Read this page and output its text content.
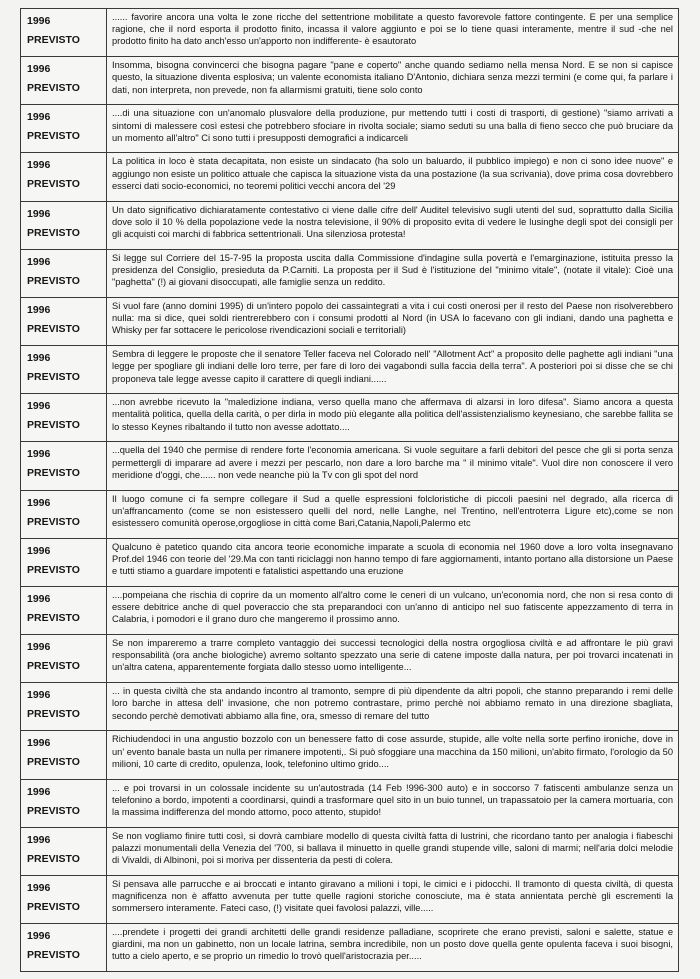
1996
PREVISTO
...... favorire ancora una volta le zone ricche del settentrione mobilitate a questo favorevole fattore contingente. E per una semplice ragione, che il nord esporta il prodotto finito, incassa il valore aggiunto e poi se lo tiene quasi interamente, mentre il sud -che nel prodotto finito ha dato anch'esso un'apporto non indifferente- è esautorato
1996
PREVISTO
Insomma, bisogna convincerci che bisogna pagare "pane e coperto" anche quando sediamo nella mensa Nord. E se non si capisce questo, la situazione diventa esplosiva; un valente economista italiano D'Antonio, dichiara senza mezzi termini (e come qui, fa parlare i dati, non interpreta, non prevede, non fa allarmismi gratuiti, tiene solo conto
1996
PREVISTO
....di una situazione con un'anomalo plusvalore della produzione, pur mettendo tutti i costi di trasporti, di gestione) "siamo arrivati a sintomi di malessere così estesi che potrebbero sfociare in rivolta sociale; siamo seduti su una balla di fieno secco che può bruciare da un momento all'altro" Ci sono tutti i presupposti demografici a indicarceli
1996
PREVISTO
La politica in loco è stata decapitata, non esiste un sindacato (ha solo un baluardo, il pubblico impiego) e non ci sono idee nuove" e aggiungo non esiste un politico attuale che capisca la situazione vista da una postazione (la sua scrivania), dove prima cosa dovrebbero esserci dati socio-economici, no teoremi politici vecchi ancora del '29
1996
PREVISTO
Un dato significativo dichiaratamente contestativo ci viene dalle cifre dell' Auditel televisivo sugli utenti del sud, soprattutto dalla Sicilia dove solo il 10 % della popolazione vede la nostra televisione, il 90% di proposito evita di vedere le lusinghe degli spot dei consigli per gli acquisti coi marchi di fabbrica settentrionali. Una silenziosa protesta!
1996
PREVISTO
Si legge sul Corriere del 15-7-95 la proposta uscita dalla Commissione d'indagine sulla povertà e l'emarginazione, istituita presso la presidenza del Consiglio, presieduta da P.Carniti. La proposta per il Sud è l'istituzione del "minimo vitale", (notate il vitale): Cioè una "paghetta" (!) ai giovani disoccupati, alle famiglie senza un reddito.
1996
PREVISTO
Si vuol fare (anno domini 1995) di un'intero popolo dei cassaintegrati a vita i cui costi onerosi per il resto del Paese non risolverebbero nulla: ma si dice, quei soldi rientrerebbero con i consumi prodotti al Nord (in USA lo facevano con gli indiani, dando una paghetta e Whisky per far sottacere le pericolose rivendicazioni sociali e territoriali)
1996
PREVISTO
Sembra di leggere le proposte che il senatore Teller faceva nel Colorado nell' "Allotment Act" a proposito delle paghette agli indiani "una legge per spogliare gli indiani delle loro terre, per fare di loro dei vagabondi sulla faccia della terra". A posteriori poi si disse che se chi proponeva tale legge avesse capito il carattere di quegli indiani......
1996
PREVISTO
...non avrebbe ricevuto la "maledizione indiana, verso quella mano che affermava di alzarsi in loro difesa". Siamo ancora a questa mentalità politica, quella della carità, o per dirla in modo più elegante alla politica dell'assistenzialismo keynesiano, che sarebbe fallita se lo stesso Keynes ribaltando il tutto non avesse adottato....
1996
PREVISTO
...quella del 1940 che permise di rendere forte l'economia americana. Si vuole seguitare a farli debitori del pesce che gli si porta senza permettergli di imparare ad avere i mezzi per pescarlo, non dare a loro barche ma " il minimo vitale". Vuol dire non conoscere il vero meridione d'oggi, che...... non vede neanche più la Tv con gli spot del nord
1996
PREVISTO
Il luogo comune ci fa sempre collegare il Sud a quelle espressioni folcloristiche di piccoli paesini nel degrado, alla ricerca di un'affrancamento (come se non esistessero quelli del nord, nelle Langhe, nel Trentino, nell'entroterra Ligure etc),come se non esistessero comunità operose,orgogliose in città come Bari,Catania,Napoli,Palermo etc
1996
PREVISTO
Qualcuno è patetico quando cita ancora teorie economiche imparate a scuola di economia nel 1960 dove a loro volta insegnavano Prof.del 1946 con teorie del '29.Ma con tanti riciclaggi non hanno tempo di fare aggiornamenti, intanto portano alla distorsione un Paese e tutti stiamo a guardare impotenti e fatalistici aspettando una eruzione
1996
PREVISTO
....pompeiana che rischia di coprire da un momento all'altro come le ceneri di un vulcano, un'economia nord, che non si resa conto di essere debitrice anche di quel poveraccio che sta preparandoci con un'anno di anticipo nel suo fatiscente appezzamento di terra in Calabria, i pomodori e il grano duro che mangeremo il prossimo anno.
1996
PREVISTO
Se non impareremo a trarre completo vantaggio dei successi tecnologici della nostra orgogliosa civiltà e ad affrontare le più gravi responsabilità (ora anche biologiche) avremo soltanto spezzato una serie di catene imposte dalla natura, per poi trovarci incatenati in un'altra catena, apparentemente forgiata dallo stesso uomo intelligente...
1996
PREVISTO
... in questa civiltà che sta andando incontro al tramonto, sempre di più dipendente da altri popoli, che stanno preparando i remi delle loro barche in attesa dell' invasione, che non potremo contrastare, primo perchè noi abbiamo remato in una direzione sbagliata, secondo perchè demotivati abbiamo alla fine, ora, smesso di remare del tutto
1996
PREVISTO
Richiudendoci in una angustio bozzolo con un benessere fatto di cose assurde, stupide, alle volte nella sorte perfino ironiche, dove in un' evento banale basta un nulla per rimanere impotenti,. Si può sfoggiare una macchina da 150 milioni, un'abito firmato, l'orologio da 50 milioni, 10 carte di credito, opulenza, look, telefonino ultimo grido....
1996
PREVISTO
... e poi trovarsi in un colossale incidente su un'autostrada (14 Feb !996-300 auto) e in soccorso 7 fatiscenti ambulanze senza un telefonino a bordo, impotenti a coordinarsi, quindi a trasformare quel sito in un buio tunnel, un trapassatoio per la camera mortuaria, con la massima indifferenza del mondo attorno, poco attento, stupido!
1996
PREVISTO
Se non vogliamo finire tutti così, si dovrà cambiare modello di questa civiltà fatta di lustrini, che ricordano tanto per analogia i fiabeschi palazzi monumentali della Venezia del '700, si ballava il minuetto in quelle grandi stupende ville, saloni di marmi; nell'aria dolci melodie di Vivaldi, di Albinoni, poi si moriva per dissenteria da pesti di colera.
1996
PREVISTO
Si pensava alle parrucche e ai broccati e intanto giravano a milioni i topi, le cimici e i pidocchi. Il tramonto di questa civiltà, di questa magnificenza non è affatto avvenuta per tutte quelle ragioni storiche conosciute, ma è stata annientata perchè gli escrementi la sommersero interamente. Fateci caso, (!) visitate quei favolosi palazzi, ville.....
1996
PREVISTO
....prendete i progetti dei grandi architetti delle grandi residenze palladiane, scoprirete che erano previsti, saloni e salette, statue e giardini, ma non un gabinetto, non un locale latrina, sembra incredibile, non un posto dove quella gente opulenta faceva i suoi bisogni, tutto a cielo aperto, e se proprio un rimedio lo trovò quell'aristocrazia per.....
